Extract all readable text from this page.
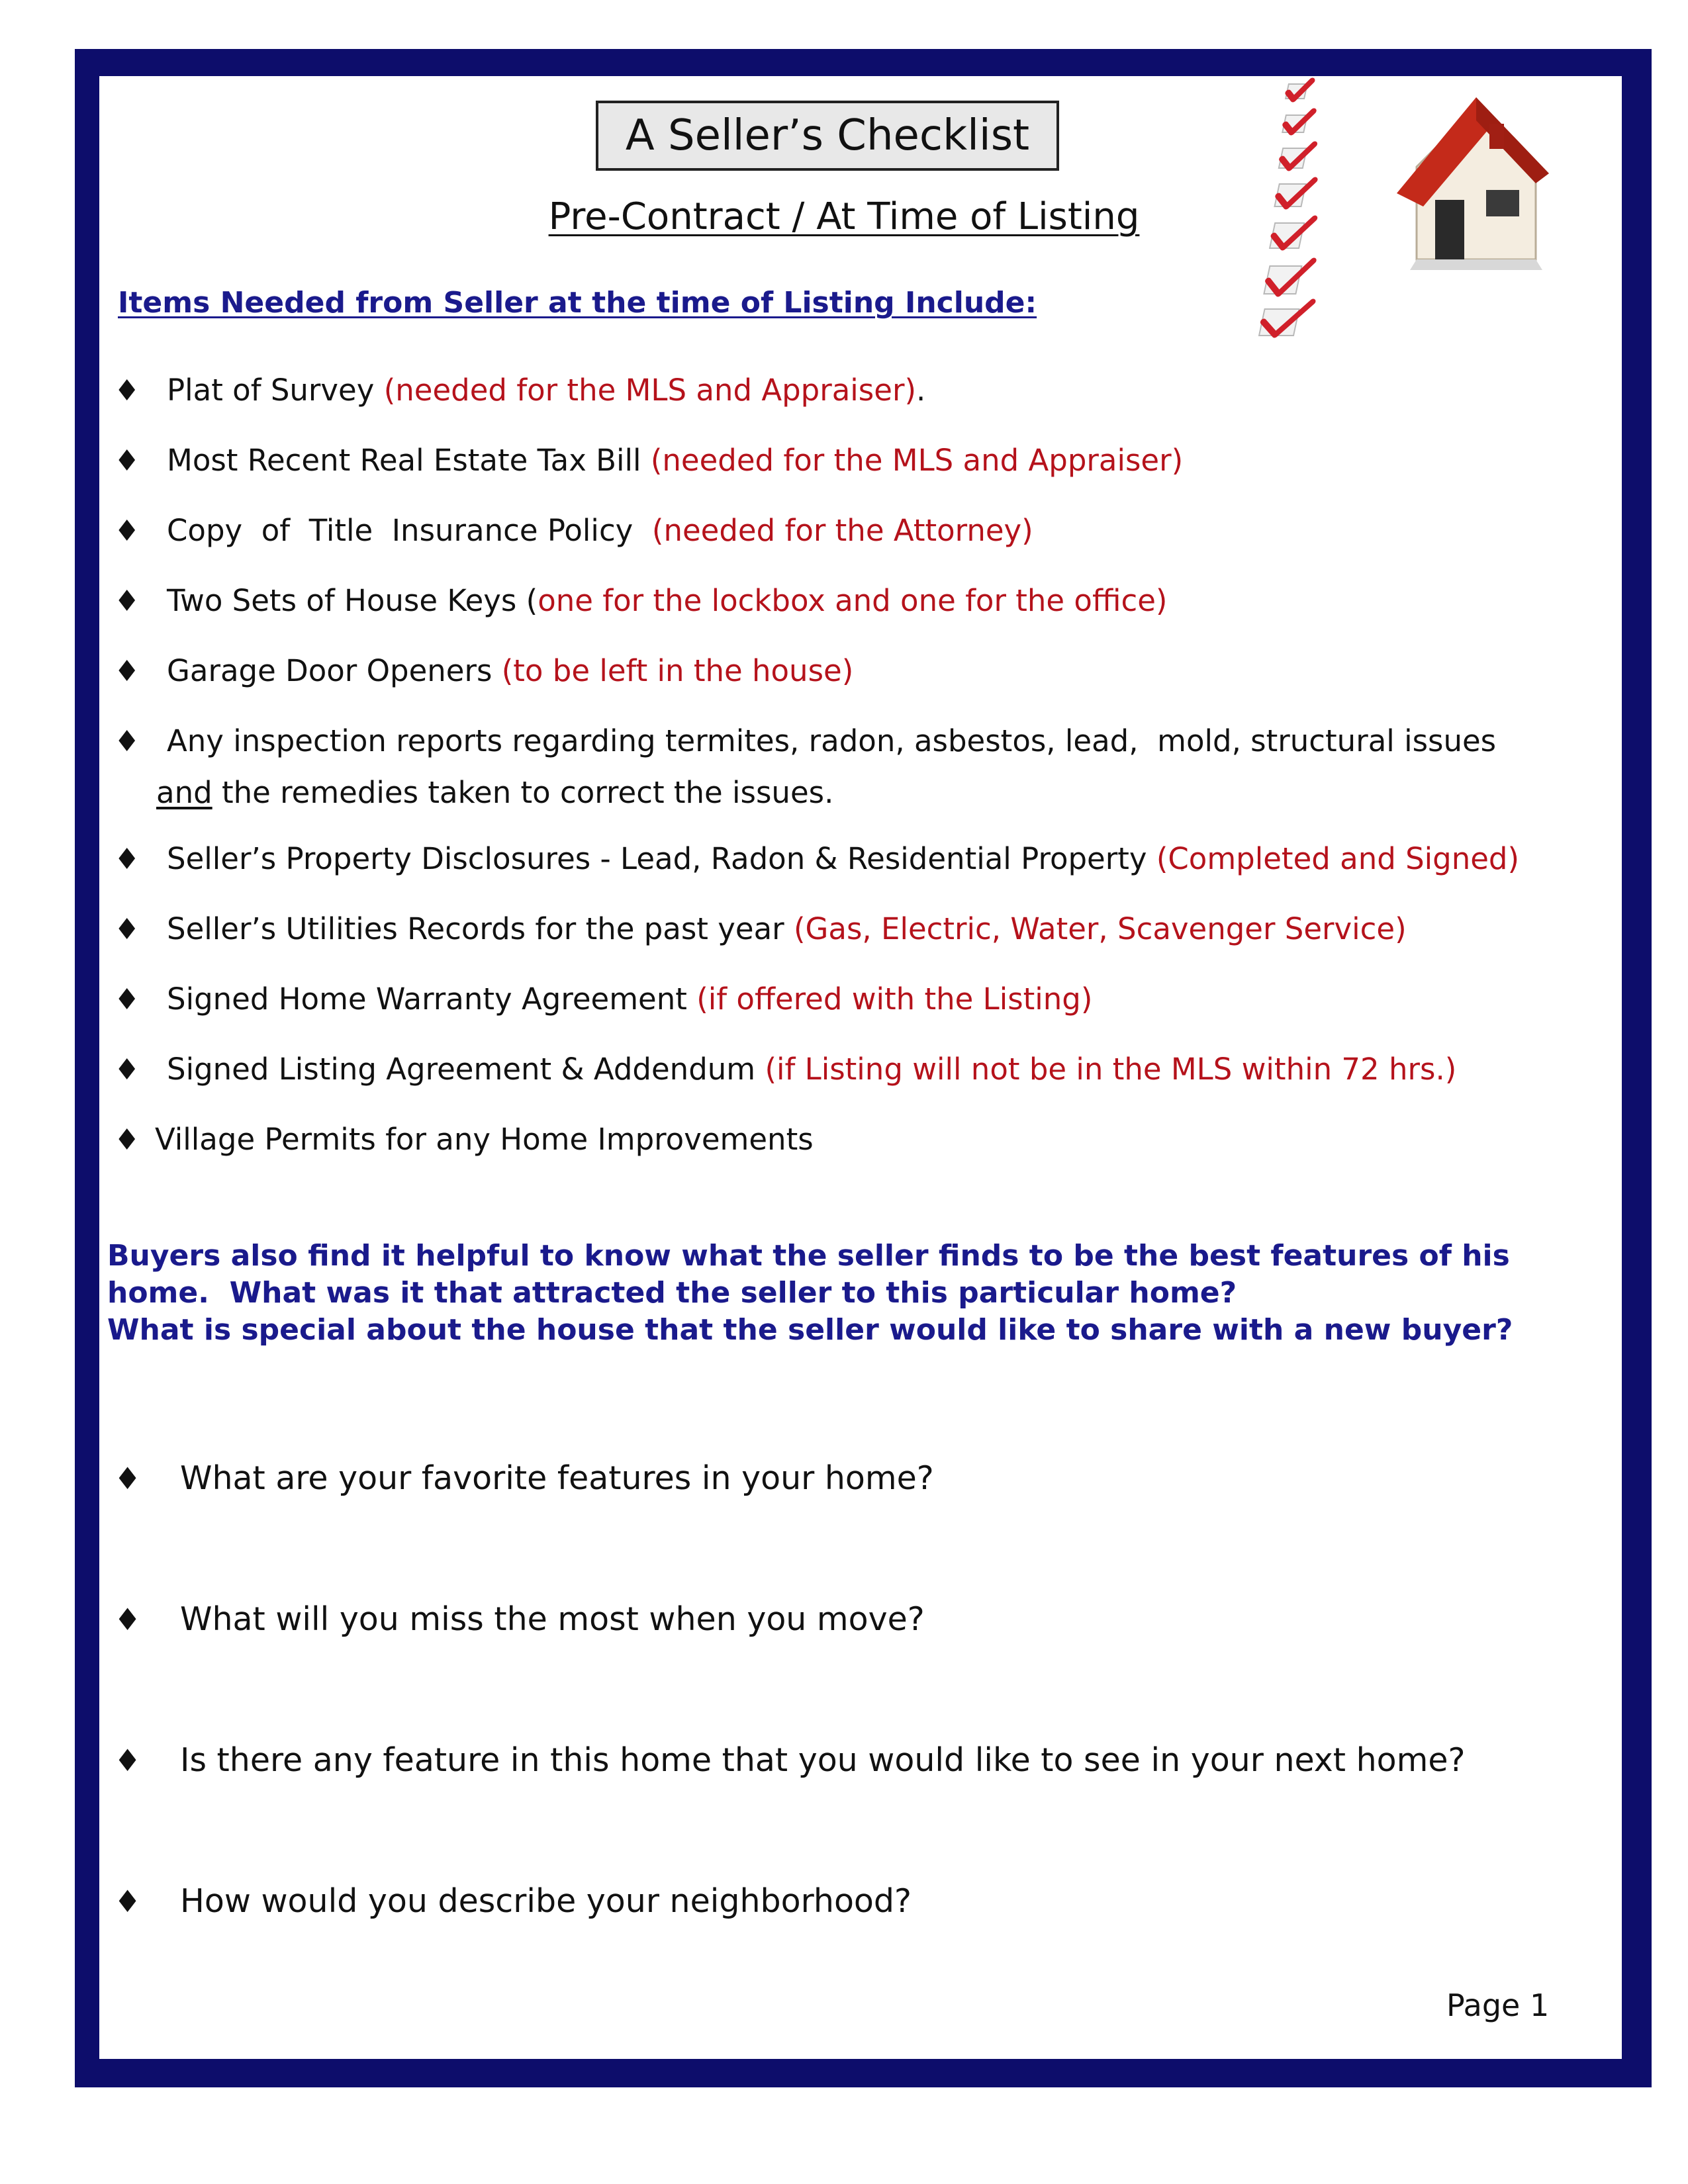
A Seller’s Checklist
Pre-Contract / At Time of Listing
Items Needed from Seller at the time of Listing Include:
♦ Plat of Survey (needed for the MLS and Appraiser).
♦ Most Recent Real Estate Tax Bill (needed for the MLS and Appraiser)
♦ Copy  of  Title  Insurance Policy  (needed for the Attorney)
♦ Two Sets of House Keys (one for the lockbox and one for the office)
♦ Garage Door Openers (to be left in the house)
♦ Any inspection reports regarding termites, radon, asbestos, lead,  mold, structural issues
and the remedies taken to correct the issues.
♦ Seller’s Property Disclosures - Lead, Radon & Residential Property (Completed and Signed)
♦ Seller’s Utilities Records for the past year (Gas, Electric, Water, Scavenger Service)
♦ Signed Home Warranty Agreement (if offered with the Listing)
♦ Signed Listing Agreement & Addendum (if Listing will not be in the MLS within 72 hrs.)
♦ Village Permits for any Home Improvements
Buyers also find it helpful to know what the seller finds to be the best features of his
home.  What was it that attracted the seller to this particular home?
What is special about the house that the seller would like to share with a new buyer?
♦ What are your favorite features in your home?
♦ What will you miss the most when you move?
♦ Is there any feature in this home that you would like to see in your next home?
♦ How would you describe your neighborhood?
Page 1
